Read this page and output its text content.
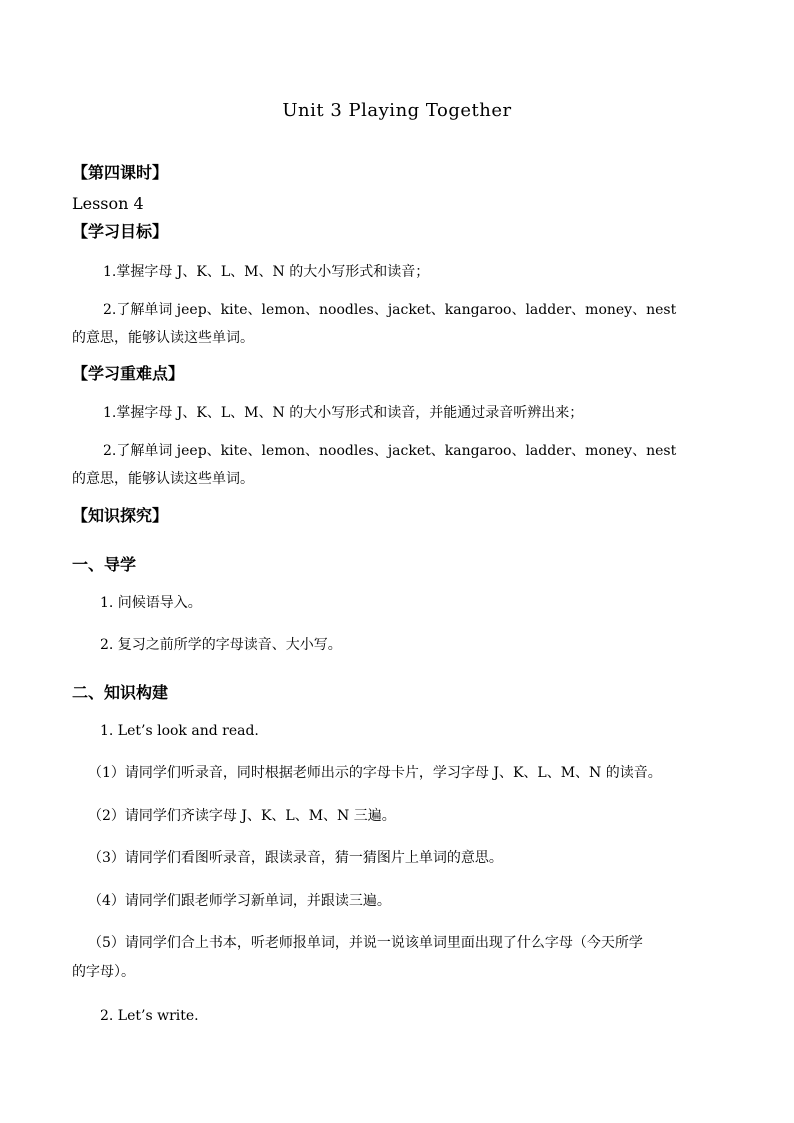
Unit 3 Playing Together
【第四课时】
Lesson 4
【学习目标】
1.掌握字母 J、K、L、M、N 的大小写形式和读音；
2.了解单词 jeep、kite、lemon、noodles、jacket、kangaroo、ladder、money、nest
的意思，能够认读这些单词。
【学习重难点】
1.掌握字母 J、K、L、M、N 的大小写形式和读音，并能通过录音听辨出来；
2.了解单词 jeep、kite、lemon、noodles、jacket、kangaroo、ladder、money、nest
的意思，能够认读这些单词。
【知识探究】
一、导学
1. 问候语导入。
2. 复习之前所学的字母读音、大小写。
二、知识构建
1. Let’s look and read.
（1）请同学们听录音，同时根据老师出示的字母卡片，学习字母 J、K、L、M、N 的读音。
（2）请同学们齐读字母 J、K、L、M、N 三遍。
（3）请同学们看图听录音，跟读录音，猜一猜图片上单词的意思。
（4）请同学们跟老师学习新单词，并跟读三遍。
（5）请同学们合上书本，听老师报单词，并说一说该单词里面出现了什么字母（今天所学
的字母）。
2. Let’s write.
